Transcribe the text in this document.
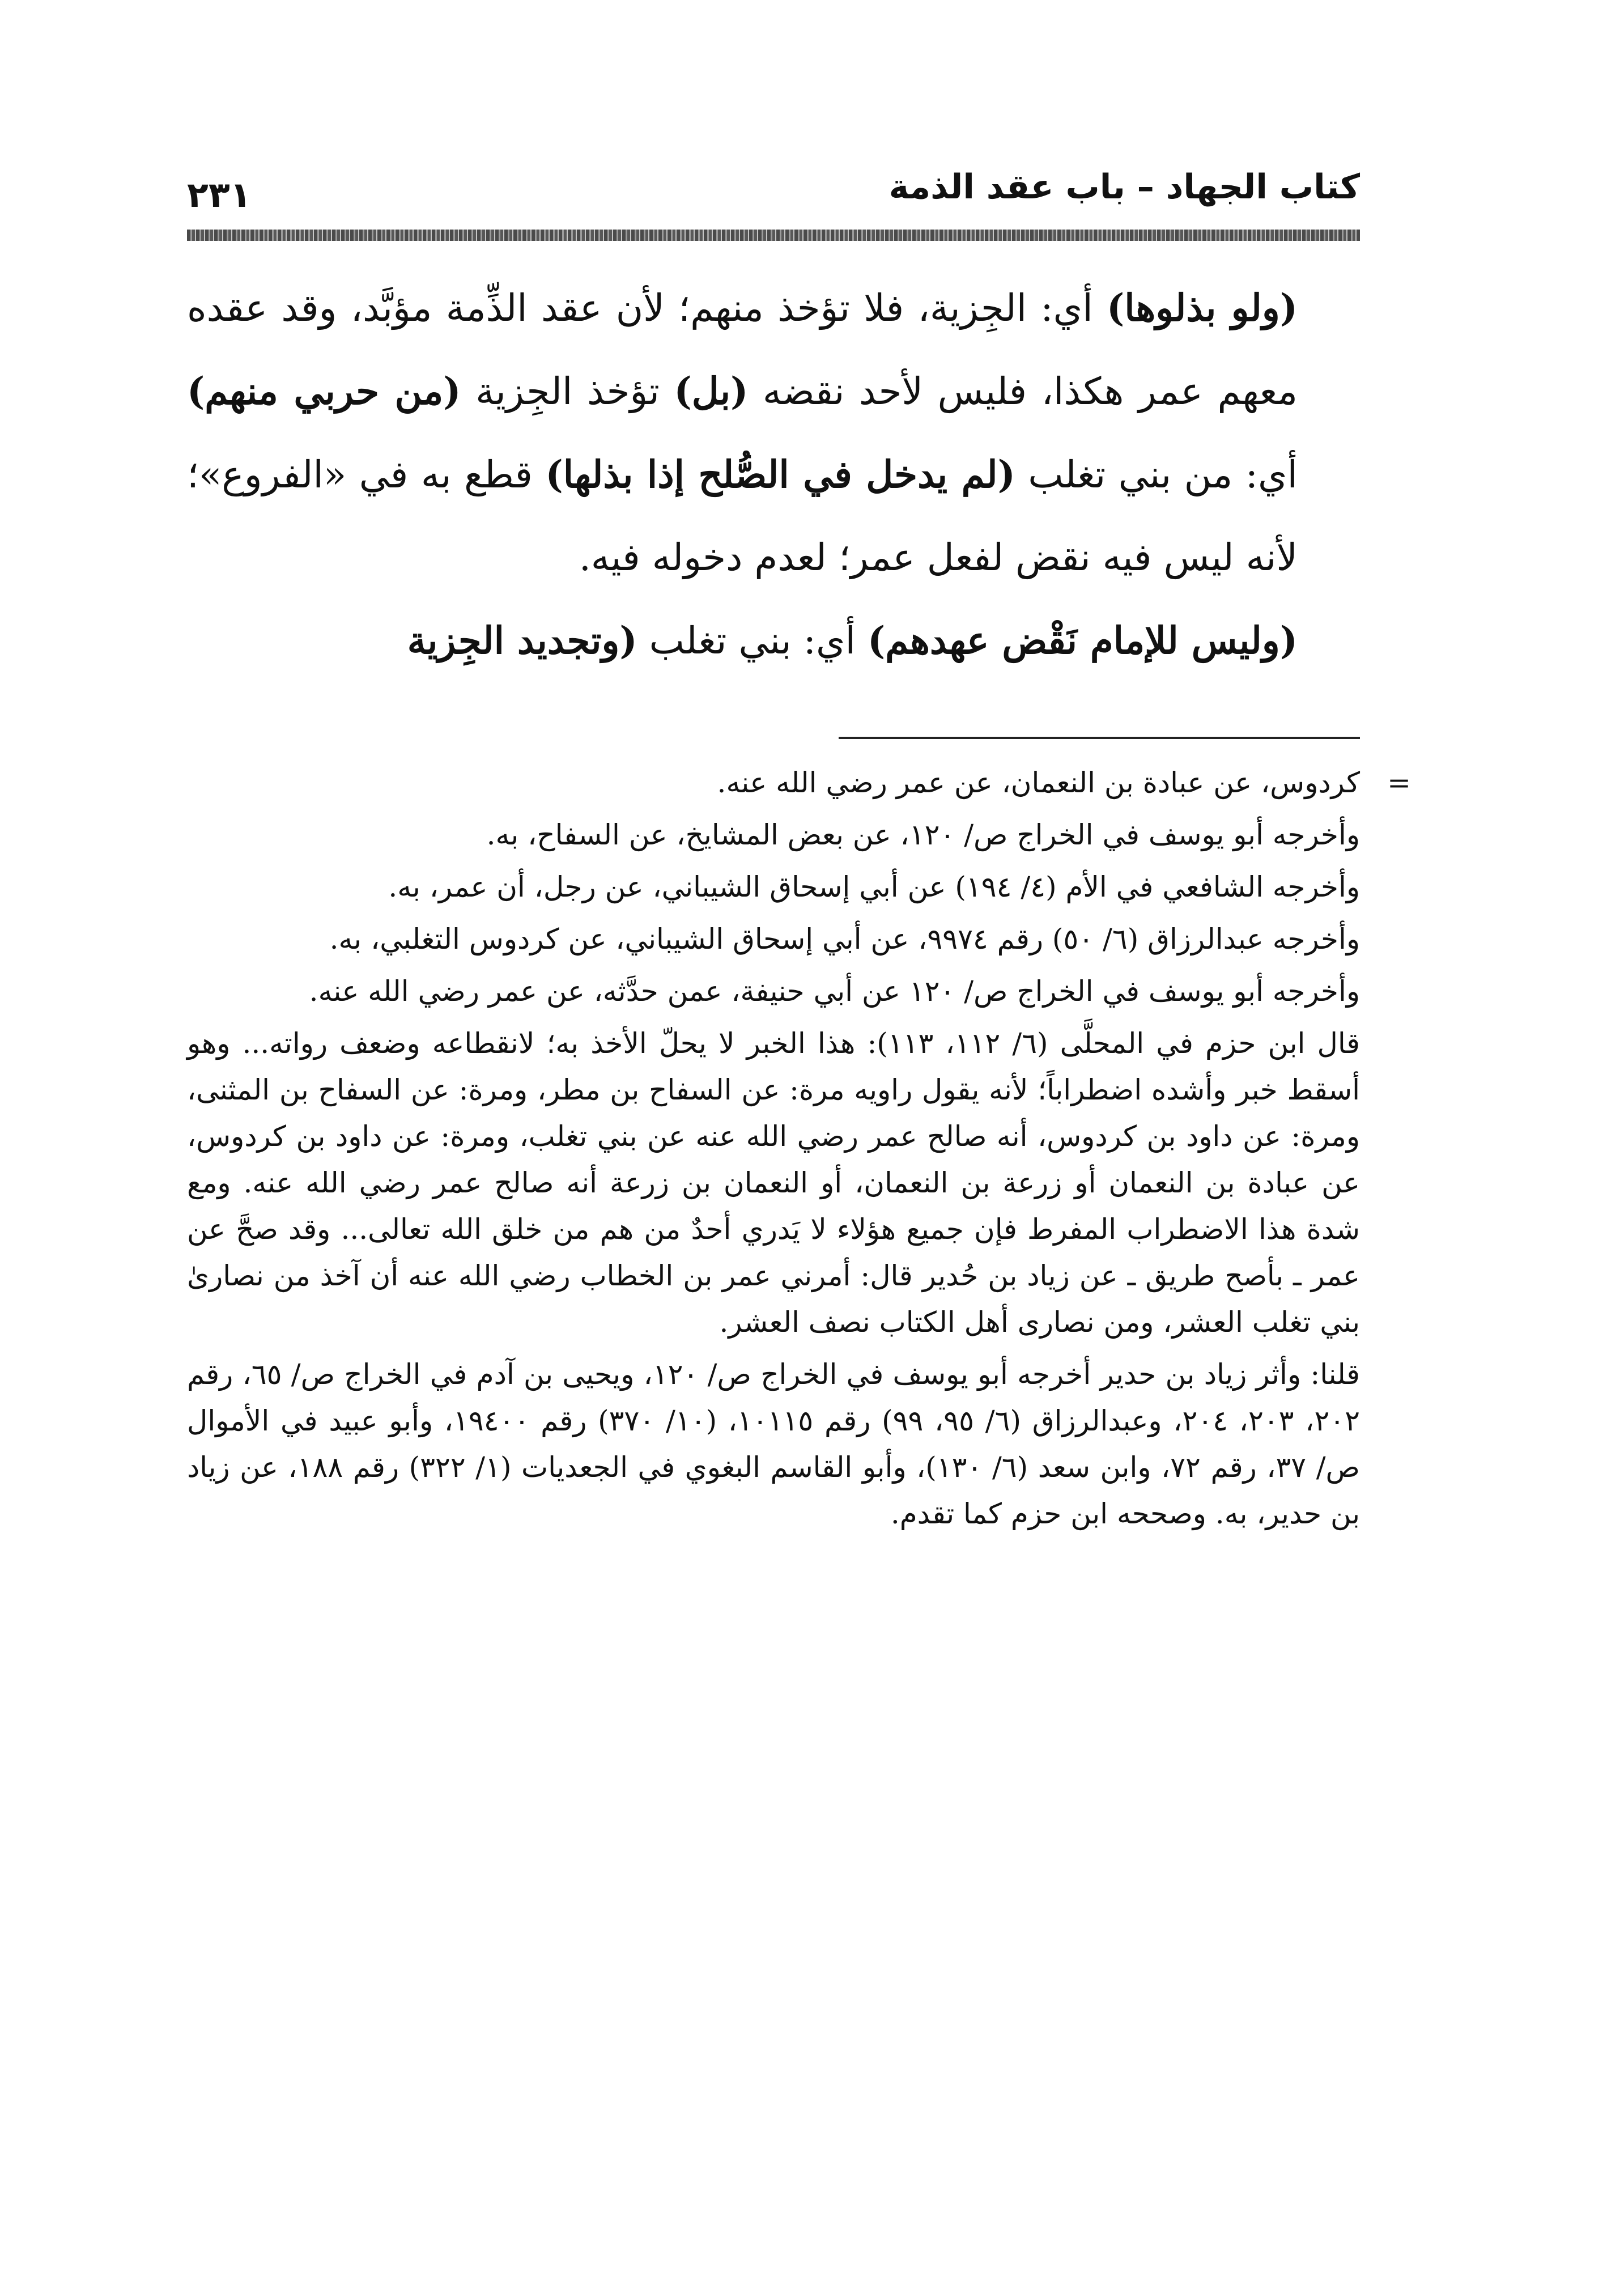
كتاب الجهاد – باب عقد الذمة
٢٣١

(ولو بذلوها) أي: الجِزية، فلا تؤخذ منهم؛ لأن عقد الذِّمة مؤبَّد، وقد عقده معهم عمر هكذا، فليس لأحد نقضه (بل) تؤخذ الجِزية (من حربي منهم) أي: من بني تغلب (لم يدخل في الصُّلح إذا بذلها) قطع به في «الفروع»؛ لأنه ليس فيه نقض لفعل عمر؛ لعدم دخوله فيه.

(وليس للإمام نَقْض عهدهم) أي: بني تغلب (وتجديد الجِزية

=
كردوس، عن عبادة بن النعمان، عن عمر رضي الله عنه.

وأخرجه أبو يوسف في الخراج ص/ ١٢٠، عن بعض المشايخ، عن السفاح، به.

وأخرجه الشافعي في الأم (٤/ ١٩٤) عن أبي إسحاق الشيباني، عن رجل، أن عمر، به.

وأخرجه عبدالرزاق (٦/ ٥٠) رقم ٩٩٧٤، عن أبي إسحاق الشيباني، عن كردوس التغلبي، به.

وأخرجه أبو يوسف في الخراج ص/ ١٢٠ عن أبي حنيفة، عمن حدَّثه، عن عمر رضي الله عنه.

قال ابن حزم في المحلَّى (٦/ ١١٢، ١١٣): هذا الخبر لا يحلّ الأخذ به؛ لانقطاعه وضعف رواته... وهو أسقط خبر وأشده اضطراباً؛ لأنه يقول راويه مرة: عن السفاح بن مطر، ومرة: عن السفاح بن المثنى، ومرة: عن داود بن كردوس، أنه صالح عمر رضي الله عنه عن بني تغلب، ومرة: عن داود بن كردوس، عن عبادة بن النعمان أو زرعة بن النعمان، أو النعمان بن زرعة أنه صالح عمر رضي الله عنه. ومع شدة هذا الاضطراب المفرط فإن جميع هؤلاء لا يَدري أحدٌ من هم من خلق الله تعالى... وقد صحَّ عن عمر ـ بأصح طريق ـ عن زياد بن حُدير قال: أمرني عمر بن الخطاب رضي الله عنه أن آخذ من نصارىٰ بني تغلب العشر، ومن نصارى أهل الكتاب نصف العشر.

قلنا: وأثر زياد بن حدير أخرجه أبو يوسف في الخراج ص/ ١٢٠، ويحيى بن آدم في الخراج ص/ ٦٥، رقم ٢٠٢، ٢٠٣، ٢٠٤، وعبدالرزاق (٦/ ٩٥، ٩٩) رقم ١٠١١٥، (١٠/ ٣٧٠) رقم ١٩٤٠٠، وأبو عبيد في الأموال ص/ ٣٧، رقم ٧٢، وابن سعد (٦/ ١٣٠)، وأبو القاسم البغوي في الجعديات (١/ ٣٢٢) رقم ١٨٨، عن زياد بن حدير، به. وصححه ابن حزم كما تقدم.
